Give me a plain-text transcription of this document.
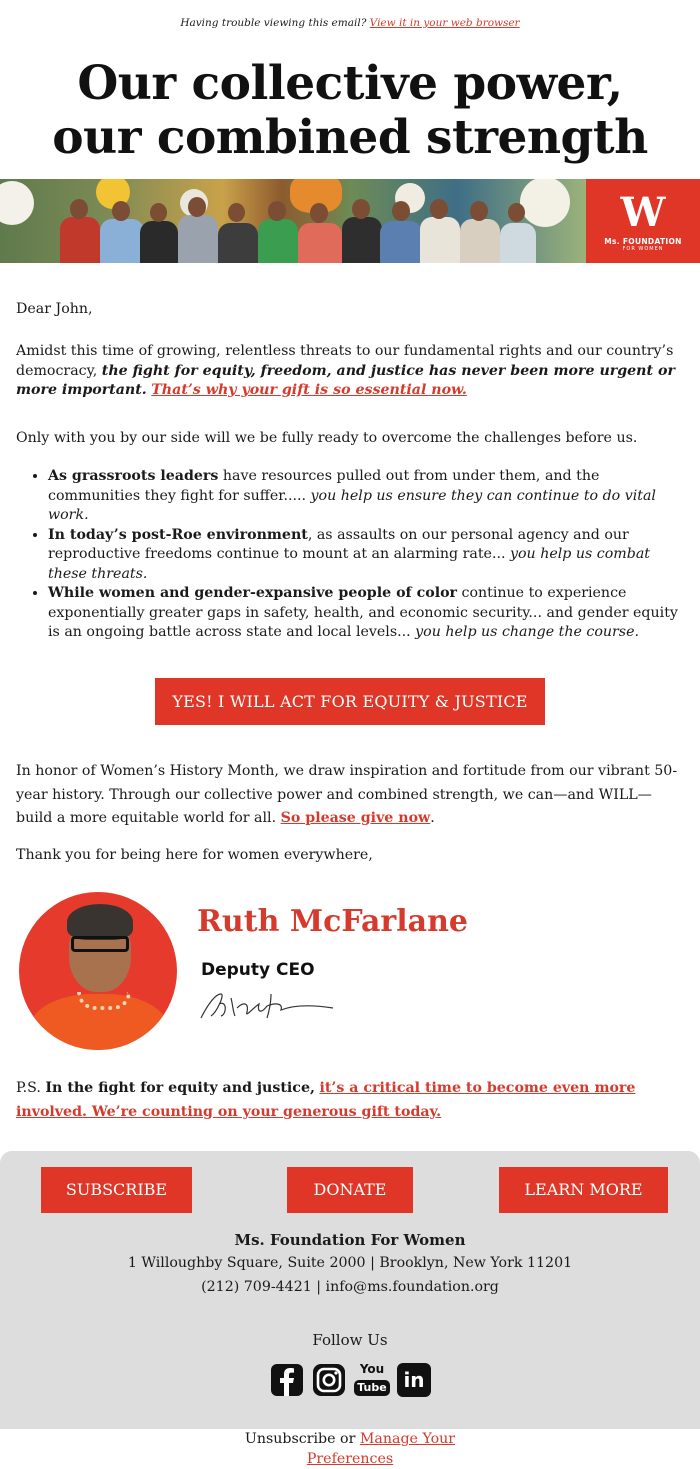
Having trouble viewing this email? View it in your web browser
Our collective power,
our combined strength
W
Ms. FOUNDATION
FOR WOMEN

Dear John,

Amidst this time of growing, relentless threats to our fundamental rights and our country’s democracy, the fight for equity, freedom, and justice has never been more urgent or more important. That’s why your gift is so essential now.

Only with you by our side will we be fully ready to overcome the challenges before us.

• As grassroots leaders have resources pulled out from under them, and the communities they fight for suffer..... you help us ensure they can continue to do vital work.
• In today’s post-Roe environment, as assaults on our personal agency and our reproductive freedoms continue to mount at an alarming rate... you help us combat these threats.
• While women and gender-expansive people of color continue to experience exponentially greater gaps in safety, health, and economic security... and gender equity is an ongoing battle across state and local levels... you help us change the course.
YES! I WILL ACT FOR EQUITY & JUSTICE

In honor of Women’s History Month, we draw inspiration and fortitude from our vibrant 50-year history. Through our collective power and combined strength, we can—and WILL—build a more equitable world for all. So please give now.

Thank you for being here for women everywhere,

Ruth McFarlane
Deputy CEO

P.S. In the fight for equity and justice, it’s a critical time to become even more involved. We’re counting on your generous gift today.

SUBSCRIBE	DONATE	LEARN MORE
Ms. Foundation For Women
1 Willoughby Square, Suite 2000 | Brooklyn, New York 11201
(212) 709-4421 | info@ms.foundation.org
Follow Us
You
Tube in
Unsubscribe or Manage Your Preferences
